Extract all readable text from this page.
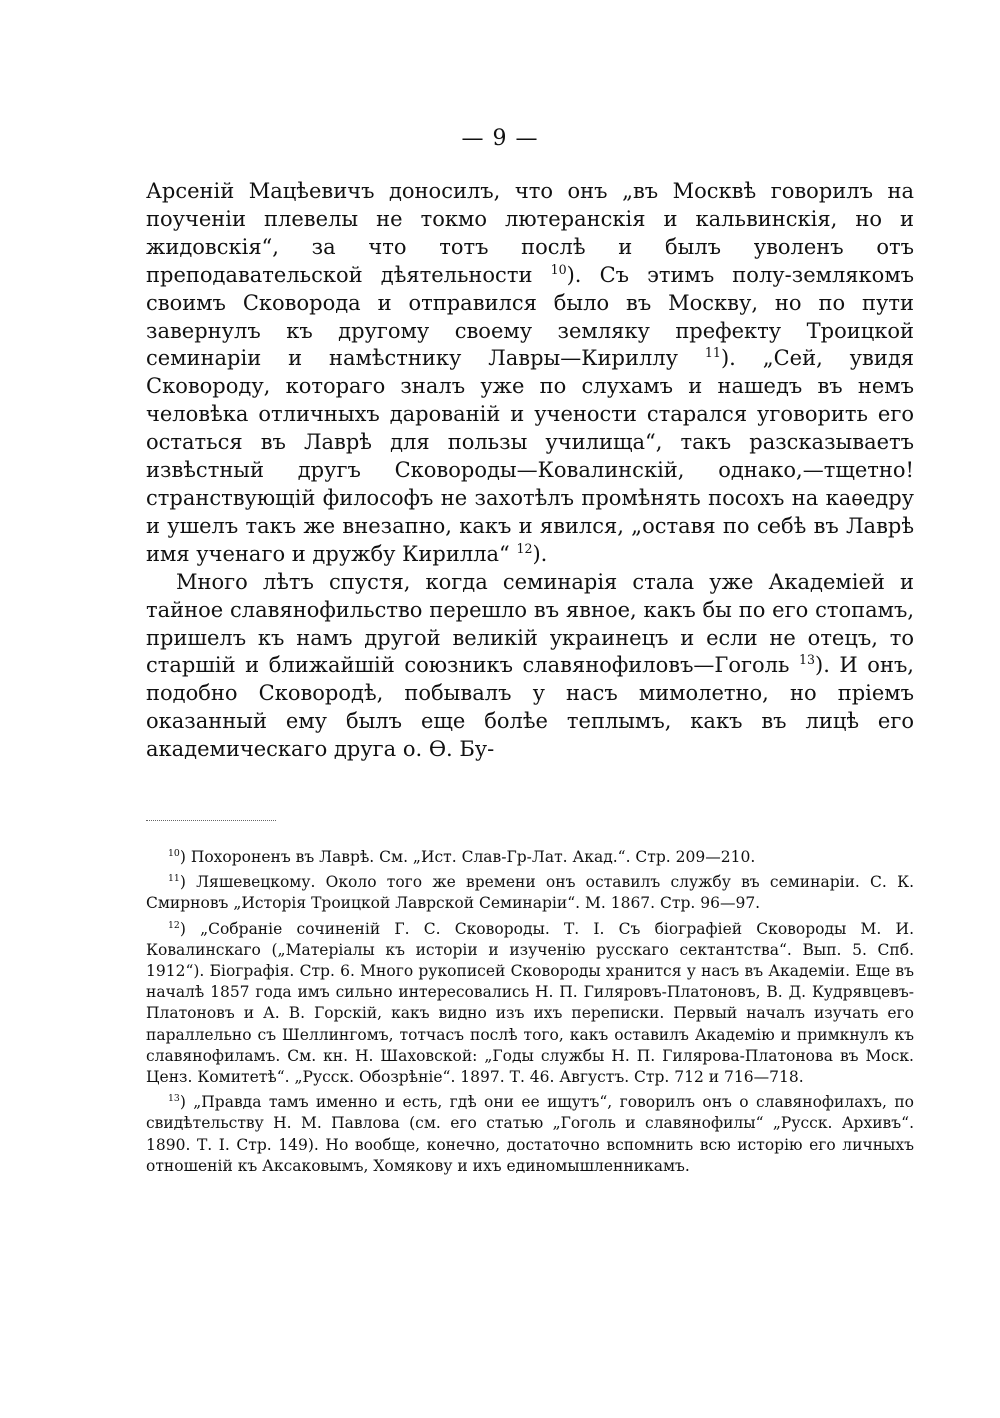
— 9 —

Арсенiй Мацѣевичъ доносилъ, что онъ „въ Москвѣ говорилъ на поученiи плевелы не токмо лютеранскiя и кальвинскiя, но и жидовскiя“, за что тотъ послѣ и былъ уволенъ отъ преподавательской дѣятельности $^{10}$). Съ этимъ полу-землякомъ своимъ Сковорода и отправился было въ Москву, но по пути завернулъ къ другому своему земляку префекту Троицкой семинарiи и намѣстнику Лавры—Кириллу $^{11}$). „Сей, увидя Сковороду, котораго зналъ уже по слухамъ и нашедъ въ немъ человѣка отличныхъ дарованiй и учености старался уговорить его остаться въ Лаврѣ для пользы училища“, такъ разсказываетъ извѣстный другъ Сковороды—Ковалинскiй, однако,—тщетно! странствующiй философъ не захотѣлъ промѣнять посохъ на каѳедру и ушелъ такъ же внезапно, какъ и явился, „оставя по себѣ въ Лаврѣ имя ученаго и дружбу Кирилла“ $^{12}$).

Много лѣтъ спустя, когда семинарiя стала уже Академiей и тайное славянофильство перешло въ явное, какъ бы по его стопамъ, пришелъ къ намъ другой великiй украинецъ и если не отецъ, то старшiй и ближайшiй союзникъ славянофиловъ—Гоголь $^{13}$). И онъ, подобно Сковородѣ, побывалъ у насъ мимолетно, но прiемъ оказанный ему былъ еще болѣе теплымъ, какъ въ лицѣ его академическаго друга о. Ѳ. Бу-

$^{10}$) Похороненъ въ Лаврѣ. См. „Ист. Слав-Гр-Лат. Акад.“. Стр. 209—210.

$^{11}$) Ляшевецкому. Около того же времени онъ оставилъ службу въ семинарiи. С. К. Смирновъ „Исторiя Троицкой Лаврской Семинарiи“. М. 1867. Стр. 96—97.

$^{12}$) „Собранiе сочиненiй Г. С. Сковороды. Т. I. Съ бiографiей Сковороды М. И. Ковалинскаго („Матерiалы къ исторiи и изученiю русскаго сектантства“. Вып. 5. Спб. 1912“). Бiографiя. Стр. 6. Много рукописей Сковороды хранится у насъ въ Академiи. Еще въ началѣ 1857 года имъ сильно интересовались Н. П. Гиляровъ-Платоновъ, В. Д. Кудрявцевъ-Платоновъ и А. В. Горскiй, какъ видно изъ ихъ переписки. Первый началъ изучать его параллельно съ Шеллингомъ, тотчасъ послѣ того, какъ оставилъ Академiю и примкнулъ къ славянофиламъ. См. кн. Н. Шаховской: „Годы службы Н. П. Гилярова-Платонова въ Моск. Ценз. Комитетѣ“. „Русск. Обозрѣнiе“. 1897. Т. 46. Августъ. Стр. 712 и 716—718.

$^{13}$) „Правда тамъ именно и есть, гдѣ они ее ищутъ“, говорилъ онъ о славянофилахъ, по свидѣтельству Н. М. Павлова (см. его статью „Гоголь и славянофилы“ „Русск. Архивъ“. 1890. Т. I. Стр. 149). Но вообще, конечно, достаточно вспомнить всю исторiю его личныхъ отношенiй къ Аксаковымъ, Хомякову и ихъ единомышленникамъ.
